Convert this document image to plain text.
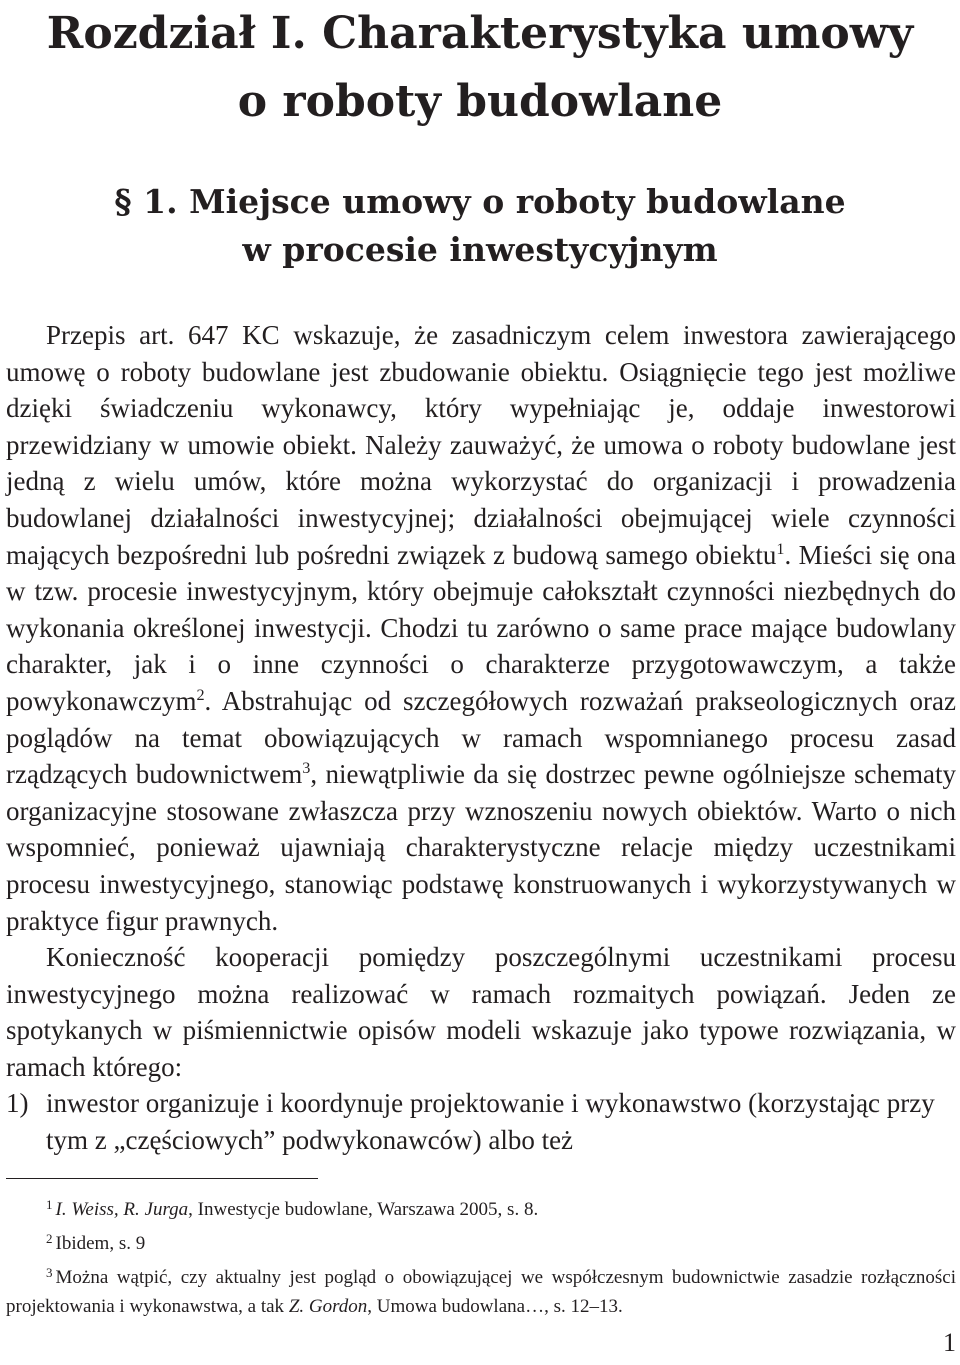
Rozdział I. Charakterystyka umowy
o roboty budowlane
§ 1. Miejsce umowy o roboty budowlane
w procesie inwestycyjnym

Przepis art. 647 KC wskazuje, że zasadniczym celem inwestora zawierającego umowę o roboty budowlane jest zbudowanie obiektu. Osiągnięcie tego jest możliwe dzięki świadczeniu wykonawcy, który wypełniając je, oddaje inwestorowi przewidziany w umowie obiekt. Należy zauważyć, że umowa o roboty budowlane jest jedną z wielu umów, które można wykorzystać do organizacji i prowadzenia budowlanej działalności inwestycyjnej; działalności obejmującej wiele czynności mających bezpośredni lub pośredni związek z budową samego obiektu$^1$. Mieści się ona w tzw. procesie inwestycyjnym, który obejmuje całokształt czynności niezbędnych do wykonania określonej inwestycji. Chodzi tu zarówno o same prace mające budowlany charakter, jak i o inne czynności o charakterze przygotowawczym, a także powykonawczym$^2$. Abstrahując od szczegółowych rozważań prakseologicznych oraz poglądów na temat obowiązujących w ramach wspomnianego procesu zasad rządzących budownictwem$^3$, niewątpliwie da się dostrzec pewne ogólniejsze schematy organizacyjne stosowane zwłaszcza przy wznoszeniu nowych obiektów. Warto o nich wspomnieć, ponieważ ujawniają charakterystyczne relacje między uczestnikami procesu inwestycyjnego, stanowiąc podstawę konstruowanych i wykorzystywanych w praktyce figur prawnych.

Konieczność kooperacji pomiędzy poszczególnymi uczestnikami procesu inwestycyjnego można realizować w ramach rozmaitych powiązań. Jeden ze spotykanych w piśmiennictwie opisów modeli wskazuje jako typowe rozwiązania, w ramach którego:

1) inwestor organizuje i koordynuje projektowanie i wykonawstwo (korzystając przy tym z „częściowych” podwykonawców) albo też

$^1$ I. Weiss, R. Jurga, Inwestycje budowlane, Warszawa 2005, s. 8.

$^2$ Ibidem, s. 9

$^3$ Można wątpić, czy aktualny jest pogląd o obowiązującej we współczesnym budownictwie zasadzie rozłączności projektowania i wykonawstwa, a tak Z. Gordon, Umowa budowlana…, s. 12–13.

1
